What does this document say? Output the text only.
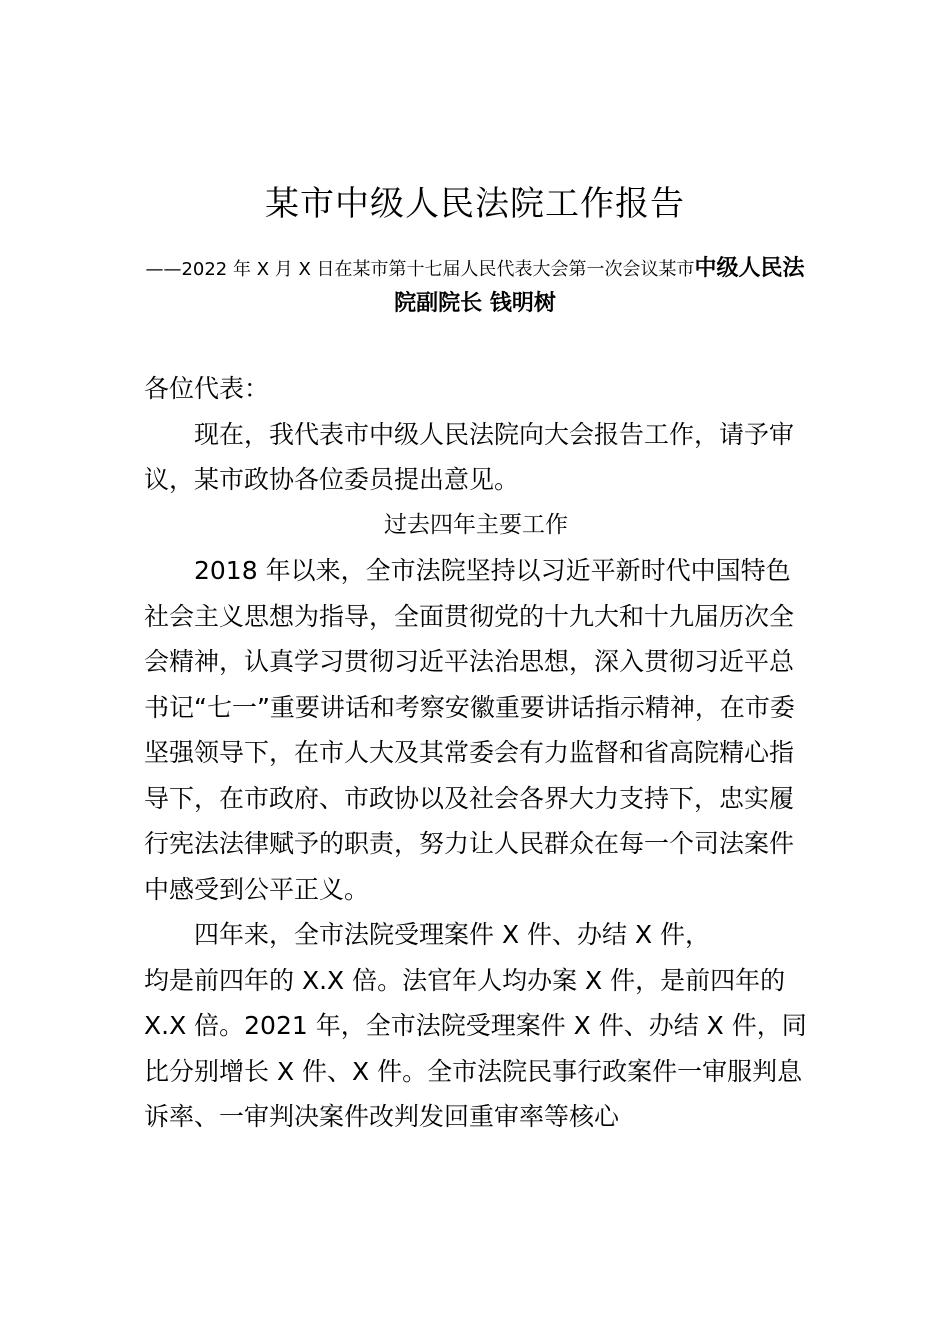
某市中级人民法院工作报告
——2022 年 X 月 X 日在某市第十七届人民代表大会第一次会议某市中级人民法
院副院长 钱明树

各位代表：

现在，我代表市中级人民法院向大会报告工作，请予审议，某市政协各位委员提出意见。

过去四年主要工作

2018 年以来，全市法院坚持以习近平新时代中国特色社会主义思想为指导，全面贯彻党的十九大和十九届历次全会精神，认真学习贯彻习近平法治思想，深入贯彻习近平总书记“七一”重要讲话和考察安徽重要讲话指示精神，在市委坚强领导下，在市人大及其常委会有力监督和省高院精心指导下，在市政府、市政协以及社会各界大力支持下，忠实履行宪法法律赋予的职责，努力让人民群众在每一个司法案件中感受到公平正义。

四年来，全市法院受理案件 X 件、办结 X 件，

均是前四年的 X.X 倍。法官年人均办案 X 件，是前四年的 X.X 倍。2021 年，全市法院受理案件 X 件、办结 X 件，同比分别增长 X 件、X 件。全市法院民事行政案件一审服判息诉率、一审判决案件改判发回重审率等核心
